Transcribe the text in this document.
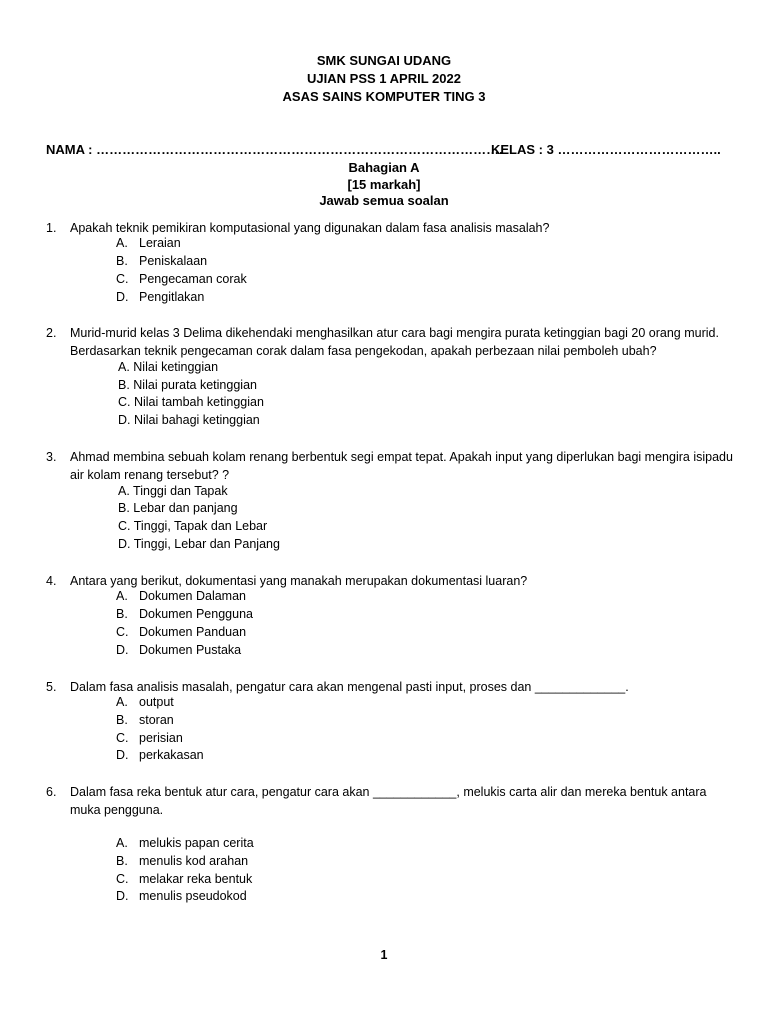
SMK SUNGAI UDANG
UJIAN PSS 1 APRIL 2022
ASAS SAINS KOMPUTER TING 3
NAMA : ………………………………………………………………………………….
KELAS : 3 ………………………………..
Bahagian A
[15 markah]
Jawab semua soalan
1. Apakah teknik pemikiran komputasional yang digunakan dalam fasa analisis masalah?
A. Leraian
B. Peniskalaan
C. Pengecaman corak
D. Pengitlakan
2. Murid-murid kelas 3 Delima dikehendaki menghasilkan atur cara bagi mengira purata ketinggian bagi 20 orang murid. Berdasarkan teknik pengecaman corak dalam fasa pengekodan, apakah perbezaan nilai pemboleh ubah?
A. Nilai ketinggian
B. Nilai purata ketinggian
C. Nilai tambah ketinggian
D. Nilai bahagi ketinggian
3. Ahmad membina sebuah kolam renang berbentuk segi empat tepat. Apakah input yang diperlukan bagi mengira isipadu air kolam renang tersebut? ?
A. Tinggi dan Tapak
B. Lebar dan panjang
C. Tinggi, Tapak dan Lebar
D. Tinggi, Lebar dan Panjang
4. Antara yang berikut, dokumentasi yang manakah merupakan dokumentasi luaran?
A. Dokumen Dalaman
B. Dokumen Pengguna
C. Dokumen Panduan
D. Dokumen Pustaka
5. Dalam fasa analisis masalah, pengatur cara akan mengenal pasti input, proses dan _____________.
A. output
B. storan
C. perisian
D. perkakasan
6. Dalam fasa reka bentuk atur cara, pengatur cara akan ____________, melukis carta alir dan mereka bentuk antara muka pengguna.
A. melukis papan cerita
B. menulis kod arahan
C. melakar reka bentuk
D. menulis pseudokod
1
